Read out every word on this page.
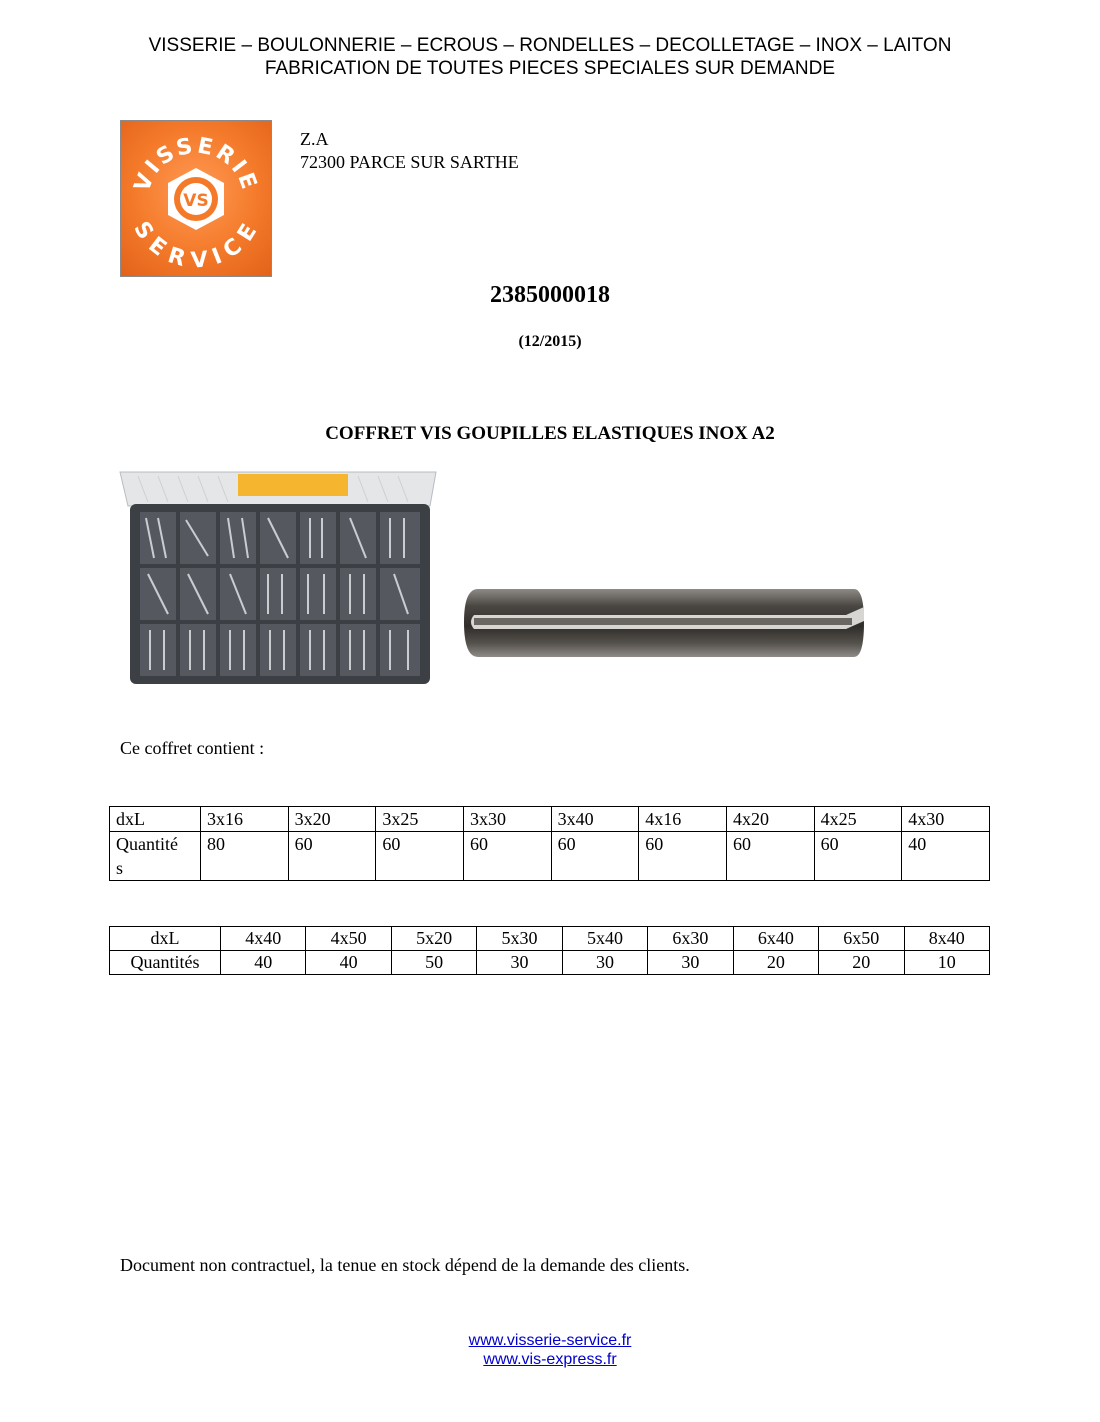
VISSERIE – BOULONNERIE – ECROUS – RONDELLES – DECOLLETAGE – INOX – LAITON
FABRICATION DE TOUTES PIECES SPECIALES SUR DEMANDE
VISSERIE
SERVICE
VS
Z.A
72300 PARCE SUR SARTHE
2385000018
(12/2015)
COFFRET VIS GOUPILLES ELASTIQUES INOX A2
Ce coffret contient :
dxL	3x16	3x20	3x25	3x30	3x40	4x16	4x20	4x25	4x30
Quantité
s	80	60	60	60	60	60	60	60	40
dxL	4x40	4x50	5x20	5x30	5x40	6x30	6x40	6x50	8x40
Quantités	40	40	50	30	30	30	20	20	10
Document non contractuel, la tenue en stock dépend de la demande des clients.
www.visserie-service.fr
www.vis-express.fr
